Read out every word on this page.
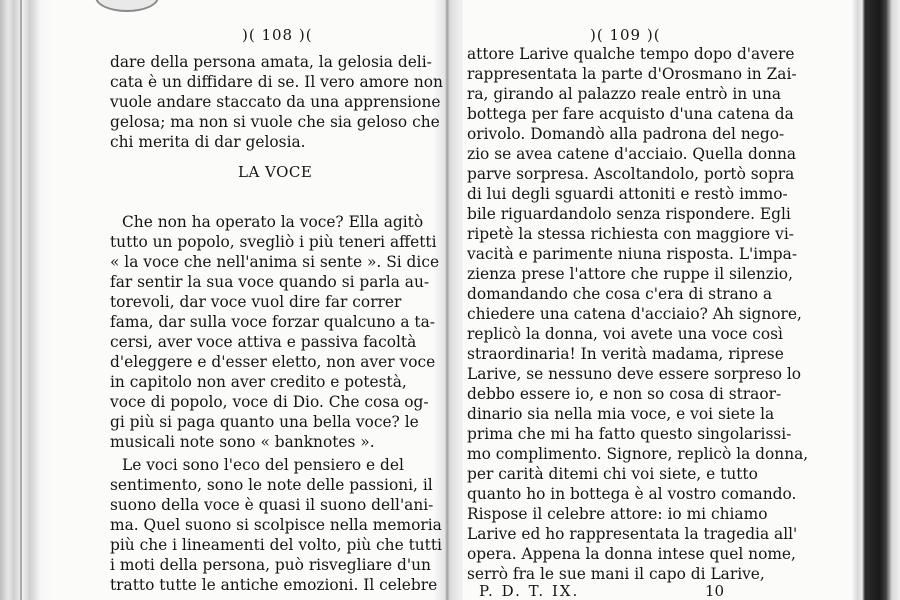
)( 108 )(
dare della persona amata, la gelosia deli-
cata è un diffidare di se. Il vero amore non
vuole andare staccato da una apprensione
gelosa; ma non si vuole che sia geloso che
chi merita di dar gelosia.
LA VOCE
Che non ha operato la voce? Ella agitò
tutto un popolo, svegliò i più teneri affetti
« la voce che nell'anima si sente ». Si dice
far sentir la sua voce quando si parla au-
torevoli, dar voce vuol dire far correr
fama, dar sulla voce forzar qualcuno a ta-
cersi, aver voce attiva e passiva facoltà
d'eleggere e d'esser eletto, non aver voce
in capitolo non aver credito e potestà,
voce di popolo, voce di Dio. Che cosa og-
gi più si paga quanto una bella voce? le
musicali note sono « banknotes ».
Le voci sono l'eco del pensiero e del
sentimento, sono le note delle passioni, il
suono della voce è quasi il suono dell'ani-
ma. Quel suono si scolpisce nella memoria
più che i lineamenti del volto, più che tutti
i moti della persona, può risvegliare d'un
tratto tutte le antiche emozioni. Il celebre
)( 109 )(
attore Larive qualche tempo dopo d'avere
rappresentata la parte d'Orosmano in Zai-
ra, girando al palazzo reale entrò in una
bottega per fare acquisto d'una catena da
orivolo. Domandò alla padrona del nego-
zio se avea catene d'acciaio. Quella donna
parve sorpresa. Ascoltandolo, portò sopra
di lui degli sguardi attoniti e restò immo-
bile riguardandolo senza rispondere. Egli
ripetè la stessa richiesta con maggiore vi-
vacità e parimente niuna risposta. L'impa-
zienza prese l'attore che ruppe il silenzio,
domandando che cosa c'era di strano a
chiedere una catena d'acciaio? Ah signore,
replicò la donna, voi avete una voce così
straordinaria! In verità madama, riprese
Larive, se nessuno deve essere sorpreso lo
debbo essere io, e non so cosa di straor-
dinario sia nella mia voce, e voi siete la
prima che mi ha fatto questo singolarissi-
mo complimento. Signore, replicò la donna,
per carità ditemi chi voi siete, e tutto
quanto ho in bottega è al vostro comando.
Rispose il celebre attore: io mi chiamo
Larive ed ho rappresentata la tragedia all'
opera. Appena la donna intese quel nome,
serrò fra le sue mani il capo di Larive,
P. D. T. IX.	10
